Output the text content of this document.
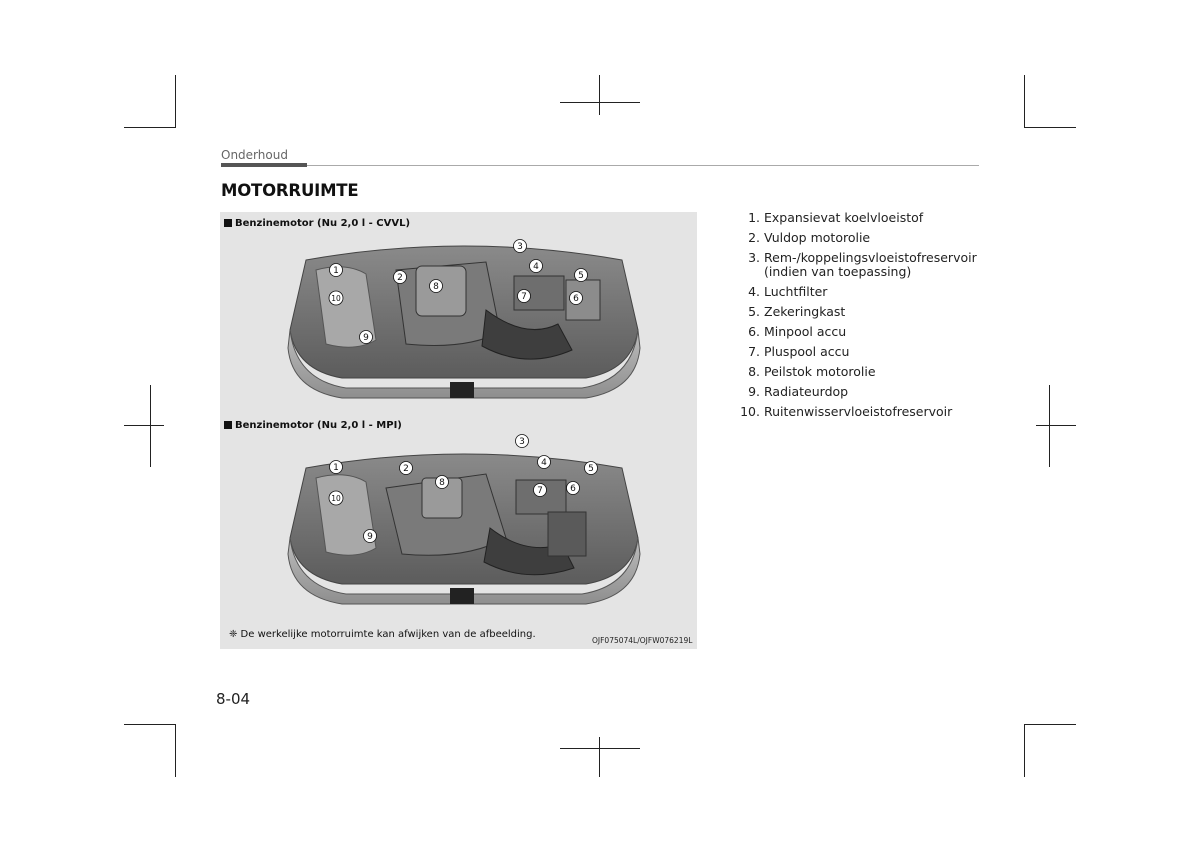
Onderhoud
MOTORRUIMTE
Benzinemotor (Nu 2,0 l - CVVL)
1
2
3
4
5
6
7
8
9
10
Benzinemotor (Nu 2,0 l - MPI)
1	2
3
4
5
6
7
8
9
10
❈ De werkelijke motorruimte kan afwijken van de afbeelding.
OJF075074L/OJFW076219L
1. Expansievat koelvloeistof
2. Vuldop motorolie
3. Rem-/koppelingsvloeistofreservoir (indien van toepassing)
4. Luchtfilter
5. Zekeringkast
6. Minpool accu
7. Pluspool accu
8. Peilstok motorolie
9. Radiateurdop
10. Ruitenwisservloeistofreservoir
8-04
